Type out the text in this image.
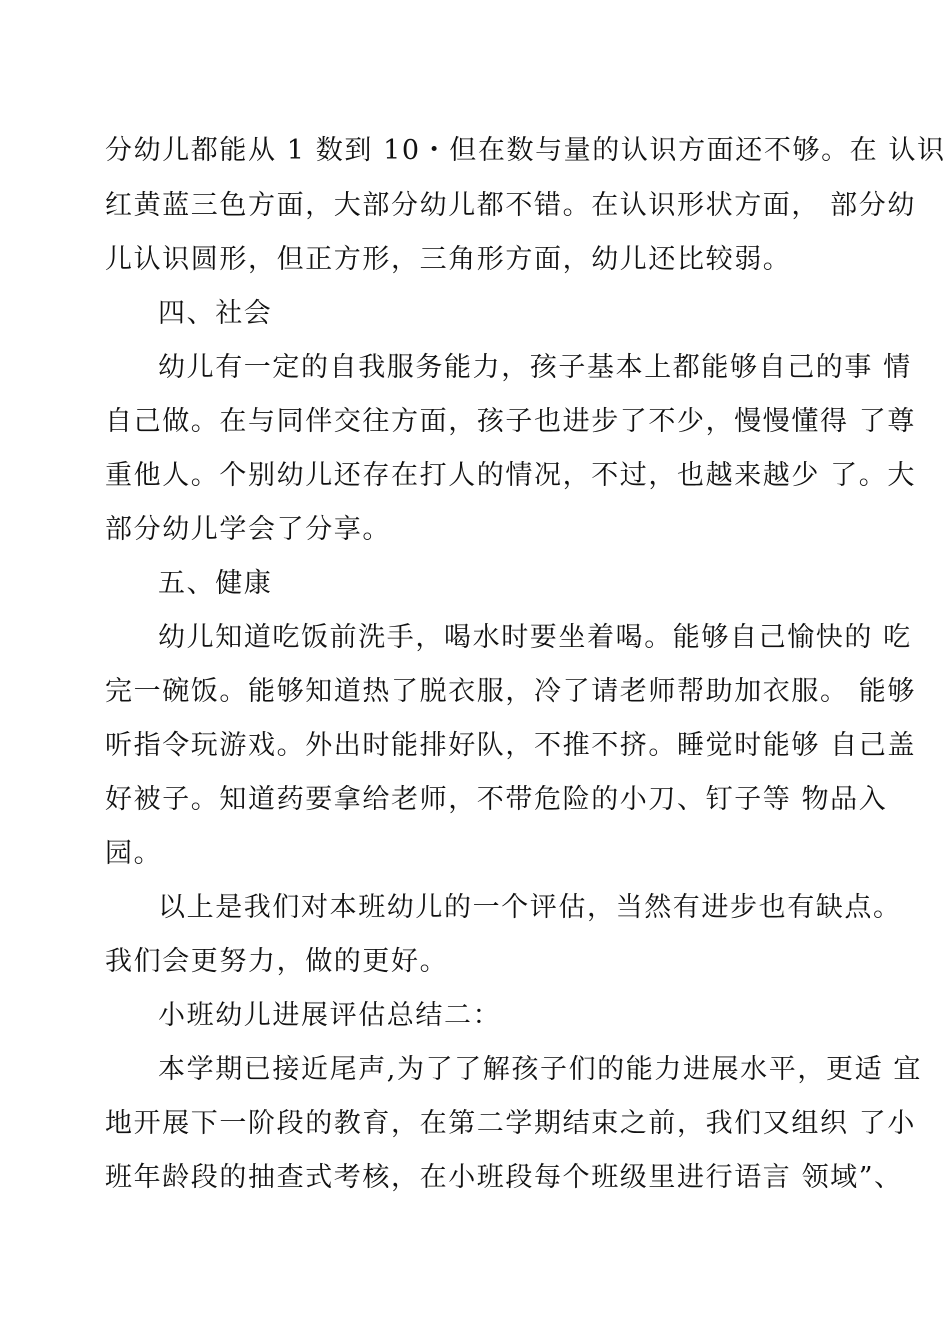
分幼儿都能从 1 数到 10・但在数与量的认识方面还不够。在 认识
红黄蓝三色方面，大部分幼儿都不错。在认识形状方面， 部分幼
儿认识圆形，但正方形，三角形方面，幼儿还比较弱。
四、社会
幼儿有一定的自我服务能力，孩子基本上都能够自己的事 情
自己做。在与同伴交往方面，孩子也进步了不少，慢慢懂得 了尊
重他人。个别幼儿还存在打人的情况，不过，也越来越少 了。大
部分幼儿学会了分享。
五、健康
幼儿知道吃饭前洗手，喝水时要坐着喝。能够自己愉快的 吃
完一碗饭。能够知道热了脱衣服，冷了请老师帮助加衣服。 能够
听指令玩游戏。外出时能排好队，不推不挤。睡觉时能够 自己盖
好被子。知道药要拿给老师，不带危险的小刀、钉子等 物品入
园。
以上是我们对本班幼儿的一个评估，当然有进步也有缺点。
我们会更努力，做的更好。
小班幼儿进展评估总结二：
本学期已接近尾声,为了了解孩子们的能力进展水平，更适 宜
地开展下一阶段的教育，在第二学期结束之前，我们又组织 了小
班年龄段的抽查式考核，在小班段每个班级里进行语言 领域”、
